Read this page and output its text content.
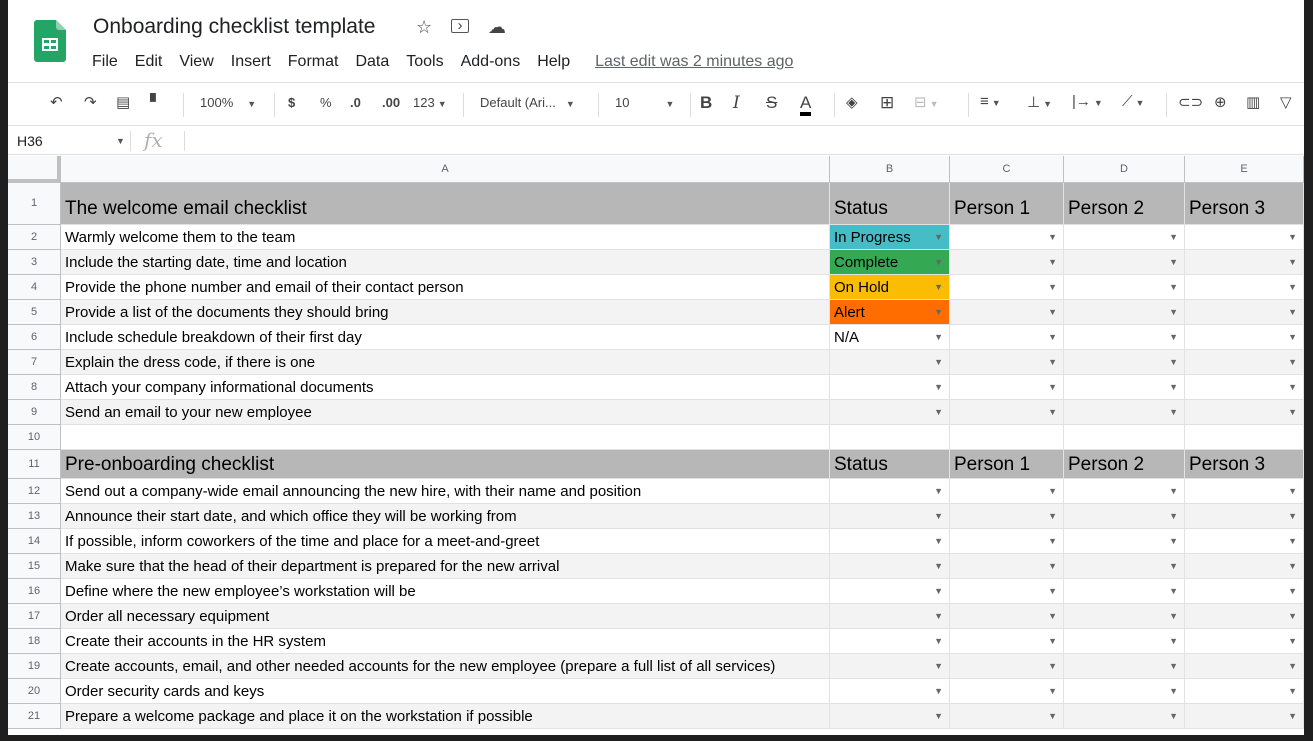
Onboarding checklist template ☆	›	☁
File Edit View Insert Format Data Tools Add-ons Help Last edit was 2 minutes ago
↶ ↷ ▤ ▘	100% ▼ $ % .0 .00 123 ▼	Default (Ari... ▼	10	▼ B I S A ◈ ⊞ ⊟ ▼	≡ ▼ ⊥ ▼ |→ ▼ ⟋ ▼ ⊂⊃ ⊕ ▥ ▽
H36	▼ fx
A	B	C	D	E
1	The welcome email checklist	Status	Person 1	Person 2	Person 3
2	Warmly welcome them to the team	In Progress	▼	▼	▼	▼
3	Include the starting date, time and location	Complete	▼	▼	▼	▼
4	Provide the phone number and email of their contact person	On Hold	▼	▼	▼	▼
5	Provide a list of the documents they should bring	Alert	▼	▼	▼	▼
6	Include schedule breakdown of their first day	N/A	▼	▼	▼	▼
7	Explain the dress code, if there is one	▼	▼	▼	▼
8	Attach your company informational documents	▼	▼	▼	▼
9	Send an email to your new employee	▼	▼	▼	▼
10
11	Pre-onboarding checklist	Status	Person 1	Person 2	Person 3
12	Send out a company-wide email announcing the new hire, with their name and position	▼	▼	▼	▼
13	Announce their start date, and which office they will be working from	▼	▼	▼	▼
14	If possible, inform coworkers of the time and place for a meet-and-greet	▼	▼	▼	▼
15	Make sure that the head of their department is prepared for the new arrival	▼	▼	▼	▼
16	Define where the new employee’s workstation will be	▼	▼	▼	▼
17	Order all necessary equipment	▼	▼	▼	▼
18	Create their accounts in the HR system	▼	▼	▼	▼
19	Create accounts, email, and other needed accounts for the new employee (prepare a full list of all services)	▼	▼	▼	▼
20	Order security cards and keys	▼	▼	▼	▼
21	Prepare a welcome package and place it on the workstation if possible	▼	▼	▼	▼
